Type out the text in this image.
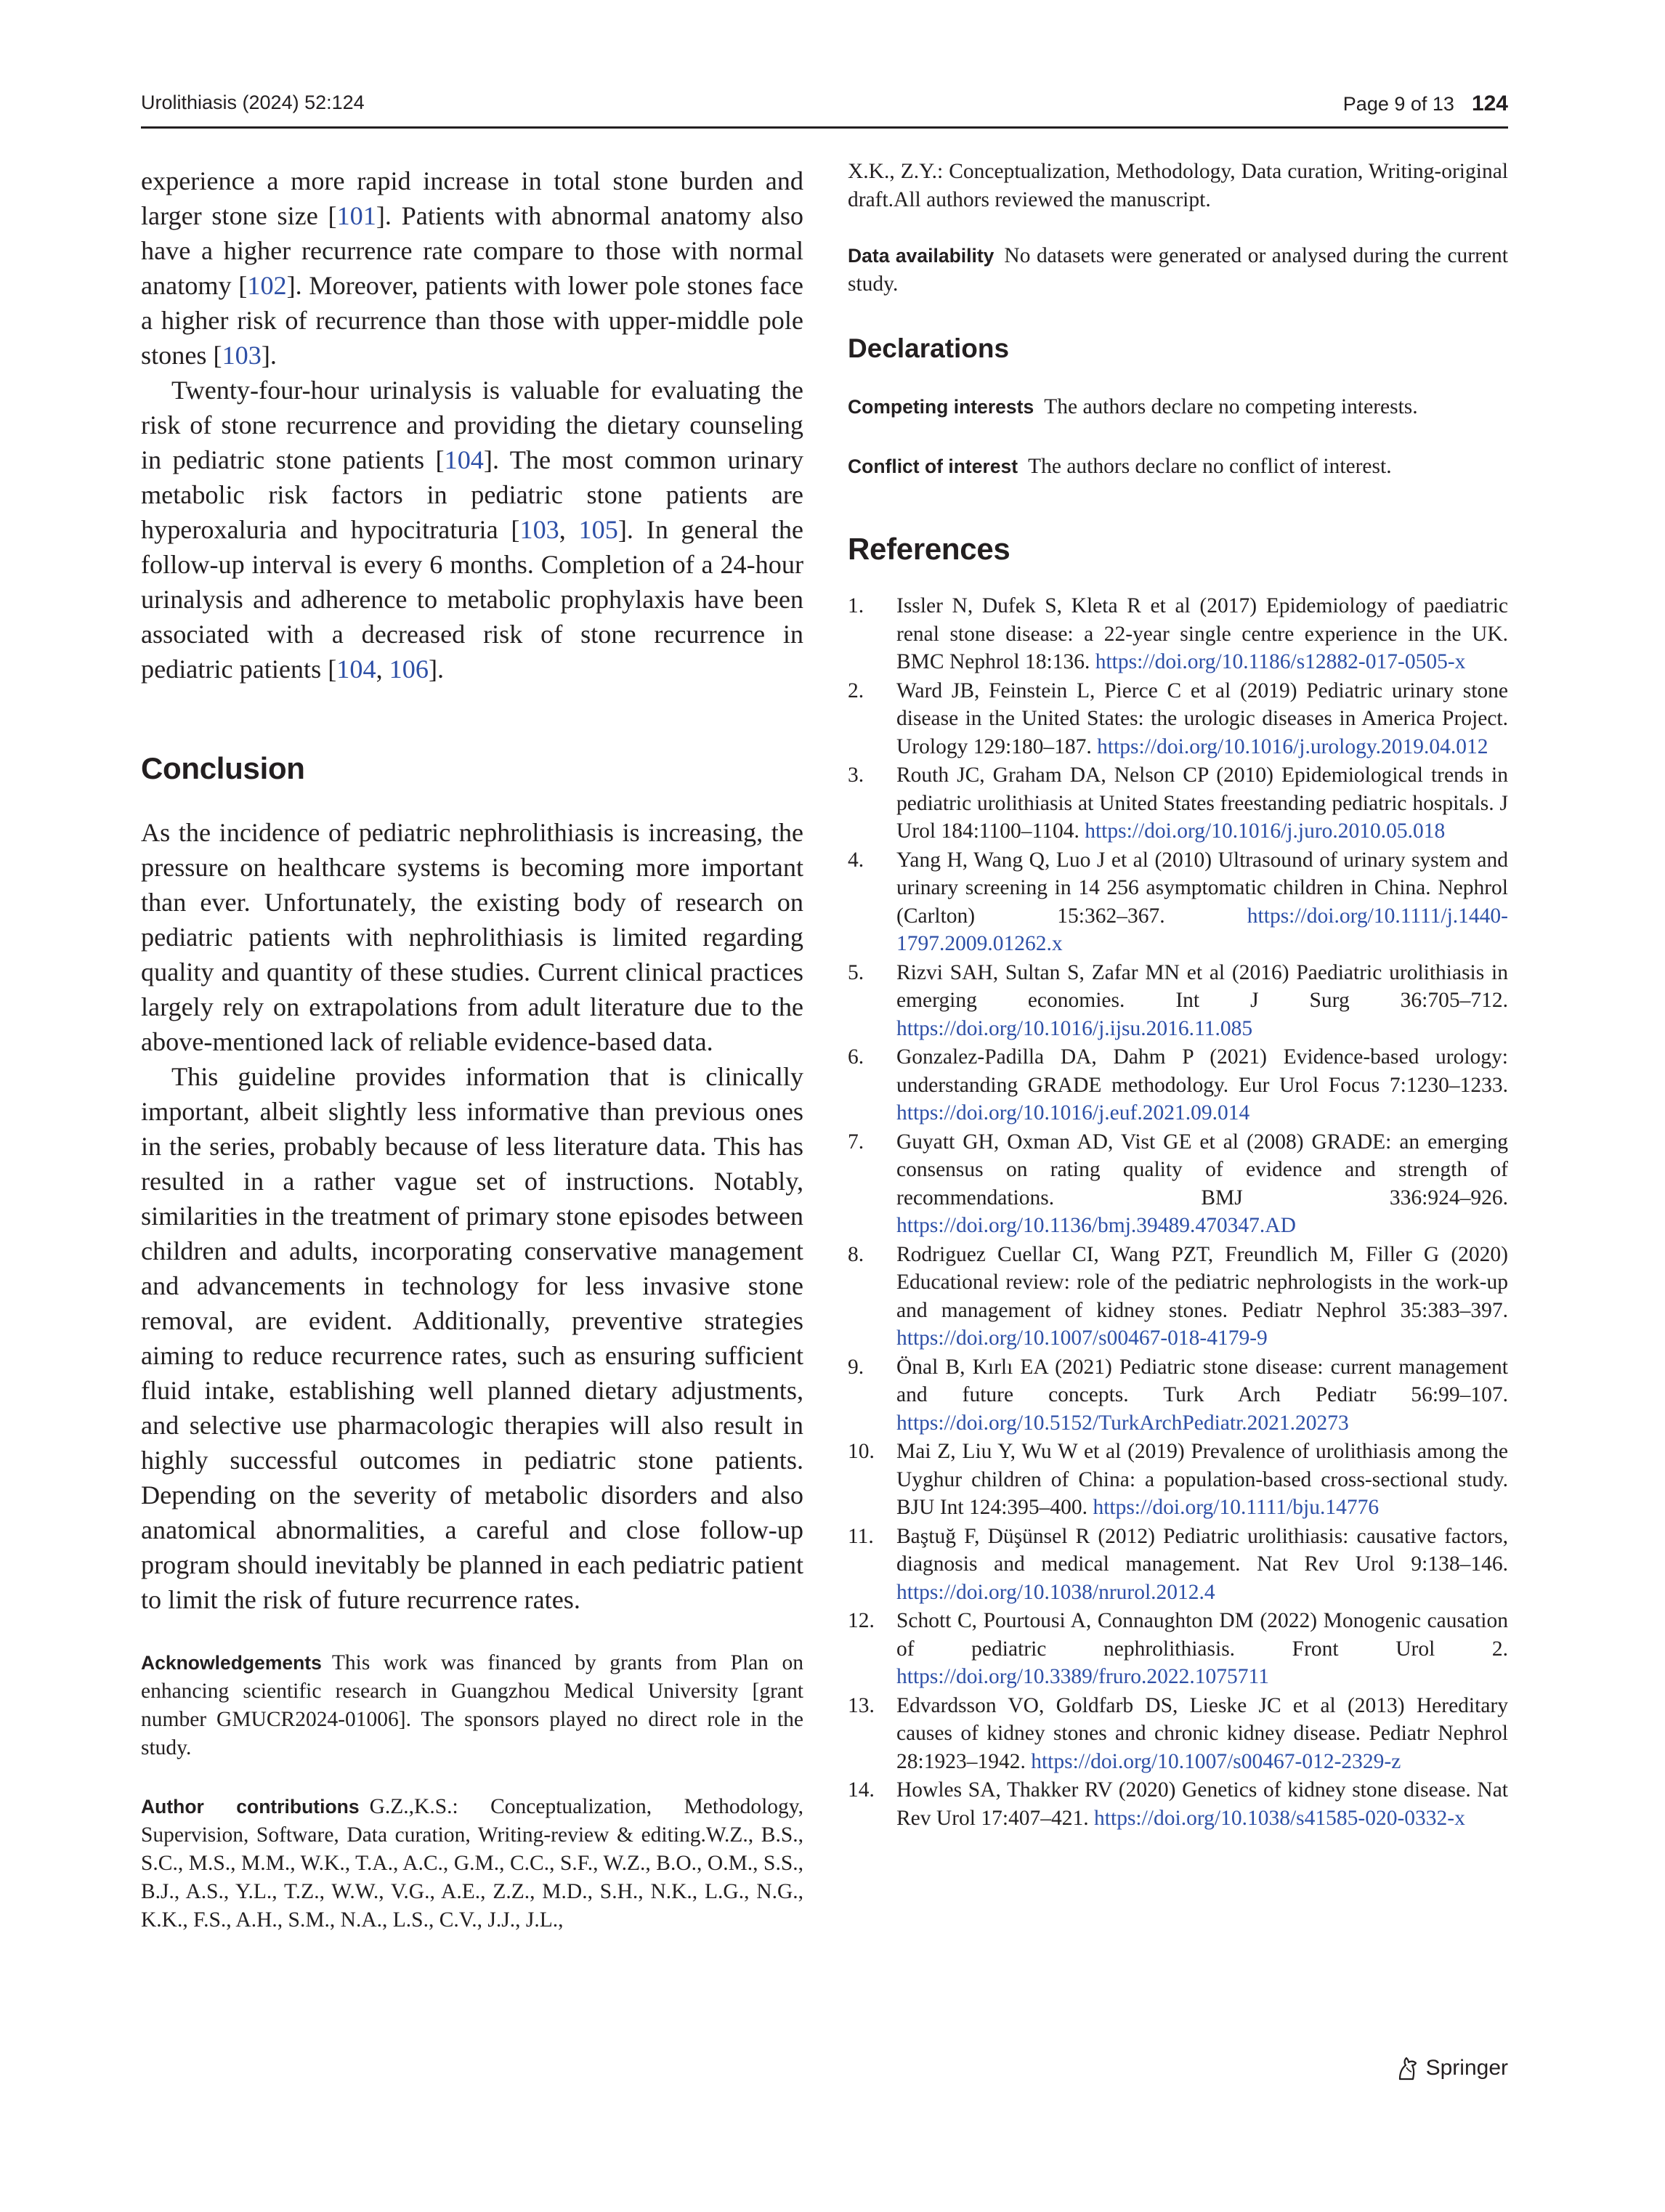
Urolithiasis (2024) 52:124	Page 9 of 13 124

experience a more rapid increase in total stone burden and larger stone size [101]. Patients with abnormal anatomy also have a higher recurrence rate compare to those with normal anatomy [102]. Moreover, patients with lower pole stones face a higher risk of recurrence than those with upper-middle pole stones [103].

Twenty-four-hour urinalysis is valuable for evaluating the risk of stone recurrence and providing the dietary counseling in pediatric stone patients [104]. The most common urinary metabolic risk factors in pediatric stone patients are hyperoxaluria and hypocitraturia [103, 105]. In general the follow-up interval is every 6 months. Completion of a 24-hour urinalysis and adherence to metabolic prophylaxis have been associated with a decreased risk of stone recurrence in pediatric patients [104, 106].

Conclusion

As the incidence of pediatric nephrolithiasis is increasing, the pressure on healthcare systems is becoming more important than ever. Unfortunately, the existing body of research on pediatric patients with nephrolithiasis is limited regarding quality and quantity of these studies. Current clinical practices largely rely on extrapolations from adult literature due to the above-mentioned lack of reliable evidence-based data.

This guideline provides information that is clinically important, albeit slightly less informative than previous ones in the series, probably because of less literature data. This has resulted in a rather vague set of instructions. Notably, similarities in the treatment of primary stone episodes between children and adults, incorporating conservative management and advancements in technology for less invasive stone removal, are evident. Additionally, preventive strategies aiming to reduce recurrence rates, such as ensuring sufficient fluid intake, establishing well planned dietary adjustments, and selective use pharmacologic therapies will also result in highly successful outcomes in pediatric stone patients. Depending on the severity of metabolic disorders and also anatomical abnormalities, a careful and close follow-up program should inevitably be planned in each pediatric patient to limit the risk of future recurrence rates.

Acknowledgements This work was financed by grants from Plan on enhancing scientific research in Guangzhou Medical University [grant number GMUCR2024-01006]. The sponsors played no direct role in the study.

Author contributions G.Z.,K.S.: Conceptualization, Methodology, Supervision, Software, Data curation, Writing-review & editing.W.Z., B.S., S.C., M.S., M.M., W.K., T.A., A.C., G.M., C.C., S.F., W.Z., B.O., O.M., S.S., B.J., A.S., Y.L., T.Z., W.W., V.G., A.E., Z.Z., M.D., S.H., N.K., L.G., N.G., K.K., F.S., A.H., S.M., N.A., L.S., C.V., J.J., J.L.,

X.K., Z.Y.: Conceptualization, Methodology, Data curation, Writing-original draft.All authors reviewed the manuscript.

Data availability No datasets were generated or analysed during the current study.

Declarations

Competing interests The authors declare no competing interests.

Conflict of interest The authors declare no conflict of interest.

References
1. Issler N, Dufek S, Kleta R et al (2017) Epidemiology of paediatric renal stone disease: a 22-year single centre experience in the UK. BMC Nephrol 18:136. https://doi.org/10.1186/s12882-017-0505-x
2. Ward JB, Feinstein L, Pierce C et al (2019) Pediatric urinary stone disease in the United States: the urologic diseases in America Project. Urology 129:180–187. https://doi.org/10.1016/j.urology.2019.04.012
3. Routh JC, Graham DA, Nelson CP (2010) Epidemiological trends in pediatric urolithiasis at United States freestanding pediatric hospitals. J Urol 184:1100–1104. https://doi.org/10.1016/j.juro.2010.05.018
4. Yang H, Wang Q, Luo J et al (2010) Ultrasound of urinary system and urinary screening in 14 256 asymptomatic children in China. Nephrol (Carlton) 15:362–367. https://doi.org/10.1111/j.1440-1797.2009.01262.x
5. Rizvi SAH, Sultan S, Zafar MN et al (2016) Paediatric urolithiasis in emerging economies. Int J Surg 36:705–712. https://doi.org/10.1016/j.ijsu.2016.11.085
6. Gonzalez-Padilla DA, Dahm P (2021) Evidence-based urology: understanding GRADE methodology. Eur Urol Focus 7:1230–1233. https://doi.org/10.1016/j.euf.2021.09.014
7. Guyatt GH, Oxman AD, Vist GE et al (2008) GRADE: an emerging consensus on rating quality of evidence and strength of recommendations. BMJ 336:924–926. https://doi.org/10.1136/bmj.39489.470347.AD
8. Rodriguez Cuellar CI, Wang PZT, Freundlich M, Filler G (2020) Educational review: role of the pediatric nephrologists in the work-up and management of kidney stones. Pediatr Nephrol 35:383–397. https://doi.org/10.1007/s00467-018-4179-9
9. Önal B, Kırlı EA (2021) Pediatric stone disease: current management and future concepts. Turk Arch Pediatr 56:99–107. https://doi.org/10.5152/TurkArchPediatr.2021.20273
10. Mai Z, Liu Y, Wu W et al (2019) Prevalence of urolithiasis among the Uyghur children of China: a population-based cross-sectional study. BJU Int 124:395–400. https://doi.org/10.1111/bju.14776
11. Baştuğ F, Düşünsel R (2012) Pediatric urolithiasis: causative factors, diagnosis and medical management. Nat Rev Urol 9:138–146. https://doi.org/10.1038/nrurol.2012.4
12. Schott C, Pourtousi A, Connaughton DM (2022) Monogenic causation of pediatric nephrolithiasis. Front Urol 2. https://doi.org/10.3389/fruro.2022.1075711
13. Edvardsson VO, Goldfarb DS, Lieske JC et al (2013) Hereditary causes of kidney stones and chronic kidney disease. Pediatr Nephrol 28:1923–1942. https://doi.org/10.1007/s00467-012-2329-z
14. Howles SA, Thakker RV (2020) Genetics of kidney stone disease. Nat Rev Urol 17:407–421. https://doi.org/10.1038/s41585-020-0332-x
Springer
